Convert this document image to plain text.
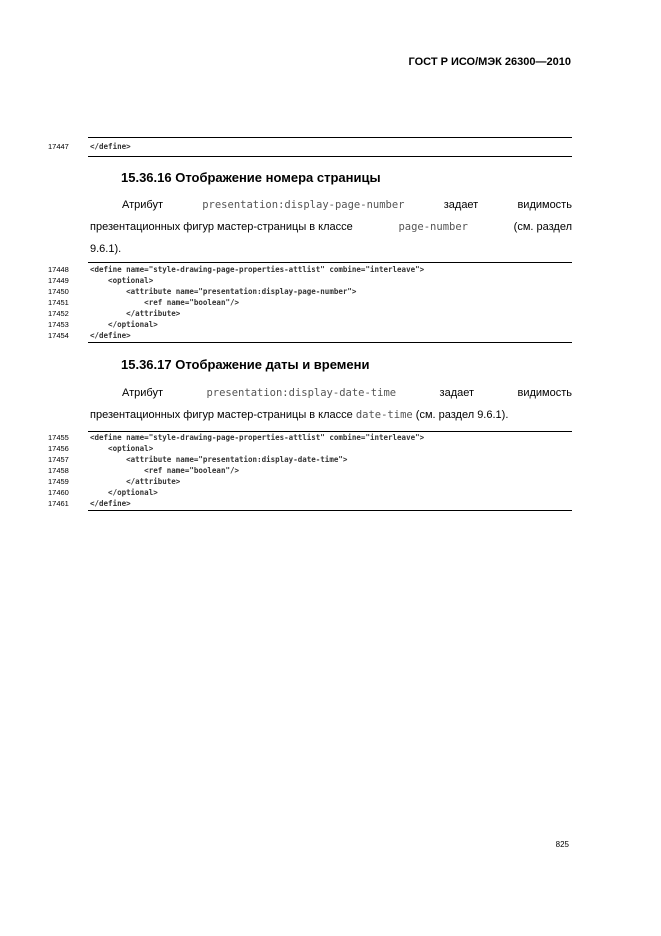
ГОСТ Р ИСО/МЭК 26300—2010
17447	</define>
15.36.16 Отображение номера страницы
Атрибут	presentation:display-page-number	задает	видимость
презентационных фигур мастер-страницы в классе	page-number	(см. раздел
9.6.1).
17448	<define name="style-drawing-page-properties-attlist" combine="interleave">
17449	<optional>
17450	<attribute name="presentation:display-page-number">
17451	<ref name="boolean"/>
17452	</attribute>
17453	</optional>
17454	</define>
15.36.17 Отображение даты и времени
Атрибут	presentation:display-date-time	задает	видимость
презентационных фигур мастер-страницы в классе date-time (см. раздел 9.6.1).
17455	<define name="style-drawing-page-properties-attlist" combine="interleave">
17456	<optional>
17457	<attribute name="presentation:display-date-time">
17458	<ref name="boolean"/>
17459	</attribute>
17460	</optional>
17461	</define>
825
